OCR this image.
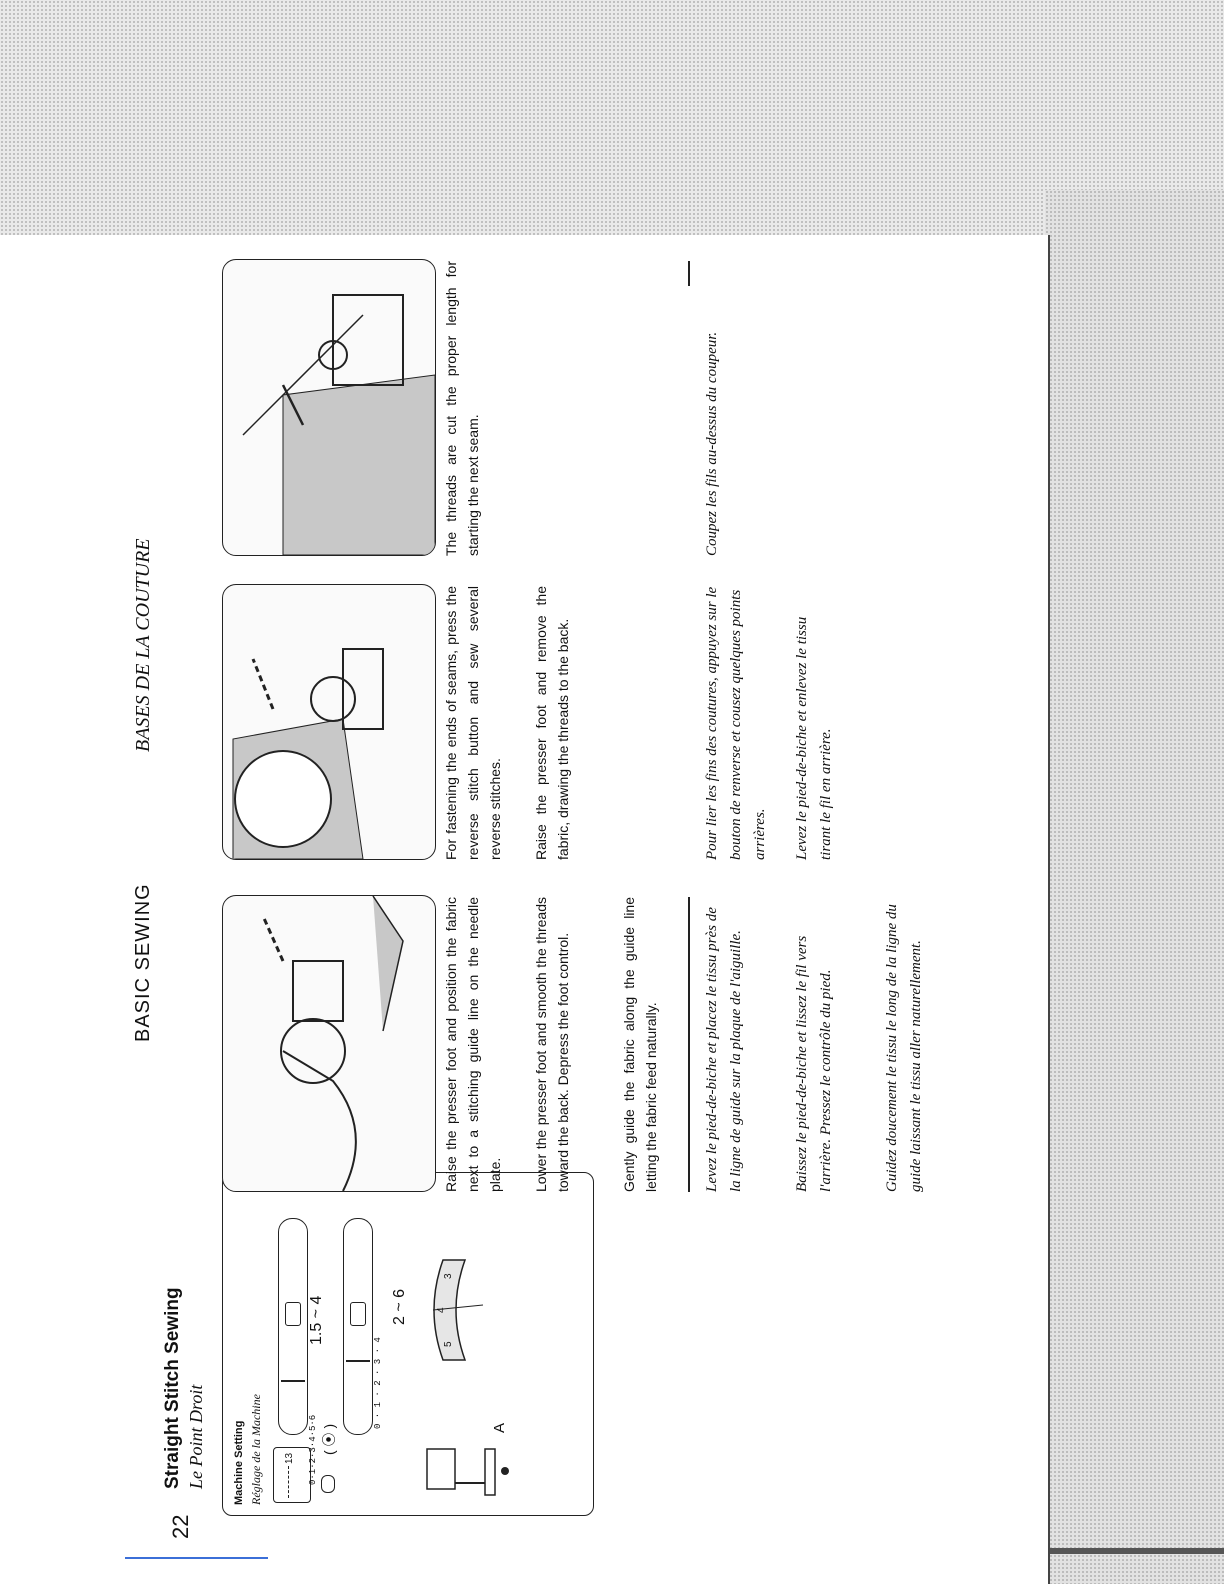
22
Straight Stitch Sewing Le Point Droit
BASIC SEWING
BASES DE LA COUTURE
Machine Setting Réglage de la Machine 13 0·1·2·3·4·5·6 ( ⦿ )
1.5 ~ 4
0 · 1 · 2 · 3 · 4
2 ~ 6
A
5
4
3
Raise the presser foot and position the fabric next to a stitching guide line on the needle plate. Lower the presser foot and smooth the threads toward the back. Depress the foot control.	Gently guide the fabric along the guide line letting the fabric feed naturally.
For fastening the ends of seams, press the reverse stitch button and sew several reverse stitches. Raise the presser foot and remove the fabric, drawing the threads to the back.
The threads are cut the proper length for starting the next seam.
Levez le pied-de-biche et placez le tissu près de la ligne de guide sur la plaque de l'aiguille.	Baissez le pied-de-biche et lissez le fil vers l'arrière. Pressez le contrôle du pied.	Guidez doucement le tissu le long de la ligne du guide laissant le tissu aller naturellement.
Pour lier les fins des coutures, appuyez sur le bouton de renverse et cousez quelques points arrières. Levez le pied-de-biche et enlevez le tissu tirant le fil en arrière.
Coupez les fils au-dessus du coupeur.
